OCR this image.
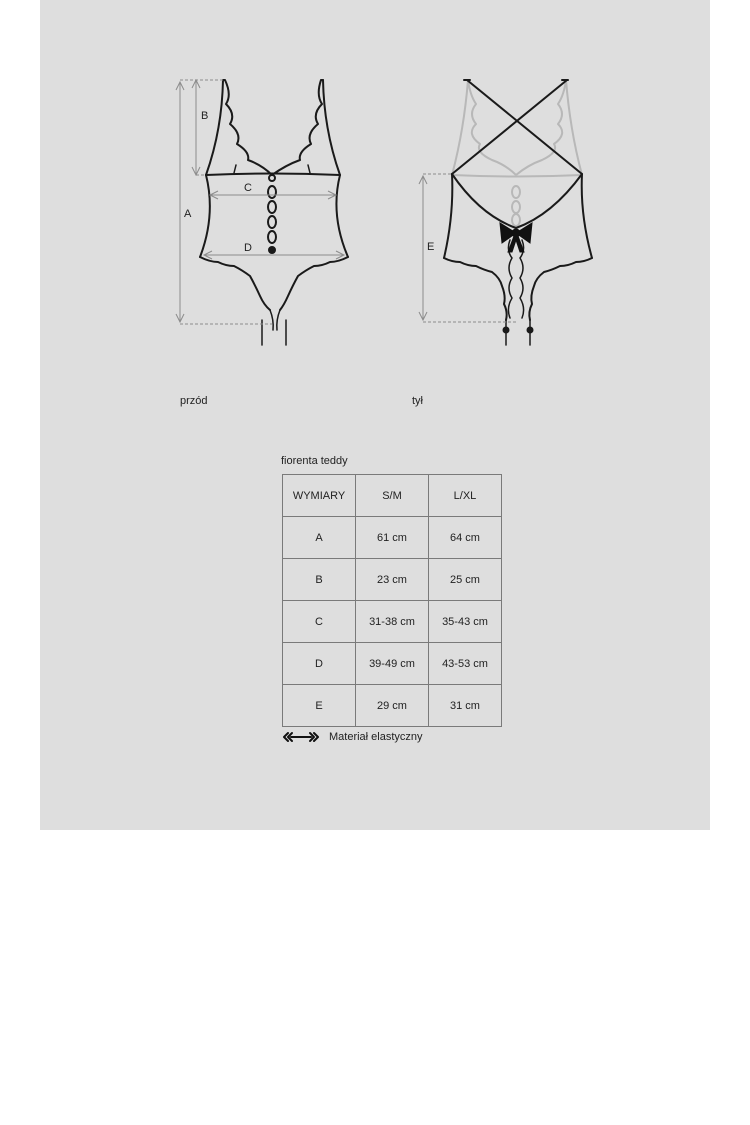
A
B
C
D	E
przód	tył
fiorenta teddy
WYMIARY	S/M	L/XL
A	61 cm	64 cm
B	23 cm	25 cm
C	31-38 cm	35-43 cm
D	39-49 cm	43-53 cm
E	29 cm	31 cm
Materiał elastyczny
